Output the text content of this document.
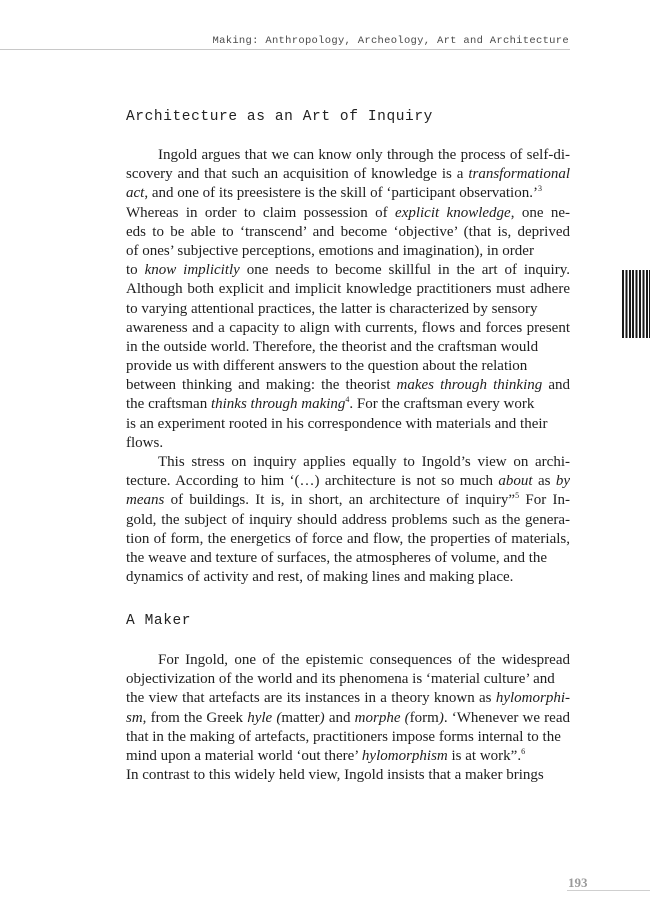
Making: Anthropology, Archeology, Art and Architecture
Architecture as an Art of Inquiry
Ingold argues that we can know only through the process of self-di-
scovery and that such an acquisition of knowledge is a transformational
act, and one of its preesistere is the skill of ‘participant observation.’$^3$
Whereas in order to claim possession of explicit knowledge, one ne-
eds to be able to ‘transcend’ and become ‘objective’ (that is, deprived
of ones’ subjective perceptions, emotions and imagination), in order
to know implicitly one needs to become skillful in the art of inquiry.
Although both explicit and implicit knowledge practitioners must adhere
to varying attentional practices, the latter is characterized by sensory
awareness and a capacity to align with currents, flows and forces present
in the outside world. Therefore, the theorist and the craftsman would
provide us with different answers to the question about the relation
between thinking and making: the theorist makes through thinking and
the craftsman thinks through making$^4$. For the craftsman every work
is an experiment rooted in his correspondence with materials and their
flows.
This stress on inquiry applies equally to Ingold’s view on archi-
tecture. According to him ‘(…) architecture is not so much about as by
means of buildings. It is, in short, an architecture of inquiry”$^5$ For In-
gold, the subject of inquiry should address problems such as the genera-
tion of form, the energetics of force and flow, the properties of materials,
the weave and texture of surfaces, the atmospheres of volume, and the
dynamics of activity and rest, of making lines and making place.
A Maker
For Ingold, one of the epistemic consequences of the widespread
objectivization of the world and its phenomena is ‘material culture’ and
the view that artefacts are its instances in a theory known as hylomorphi-
sm, from the Greek hyle (matter) and morphe (form). ‘Whenever we read
that in the making of artefacts, practitioners impose forms internal to the
mind upon a material world ‘out there’ hylomorphism is at work”.$^6$
In contrast to this widely held view, Ingold insists that a maker brings
193
